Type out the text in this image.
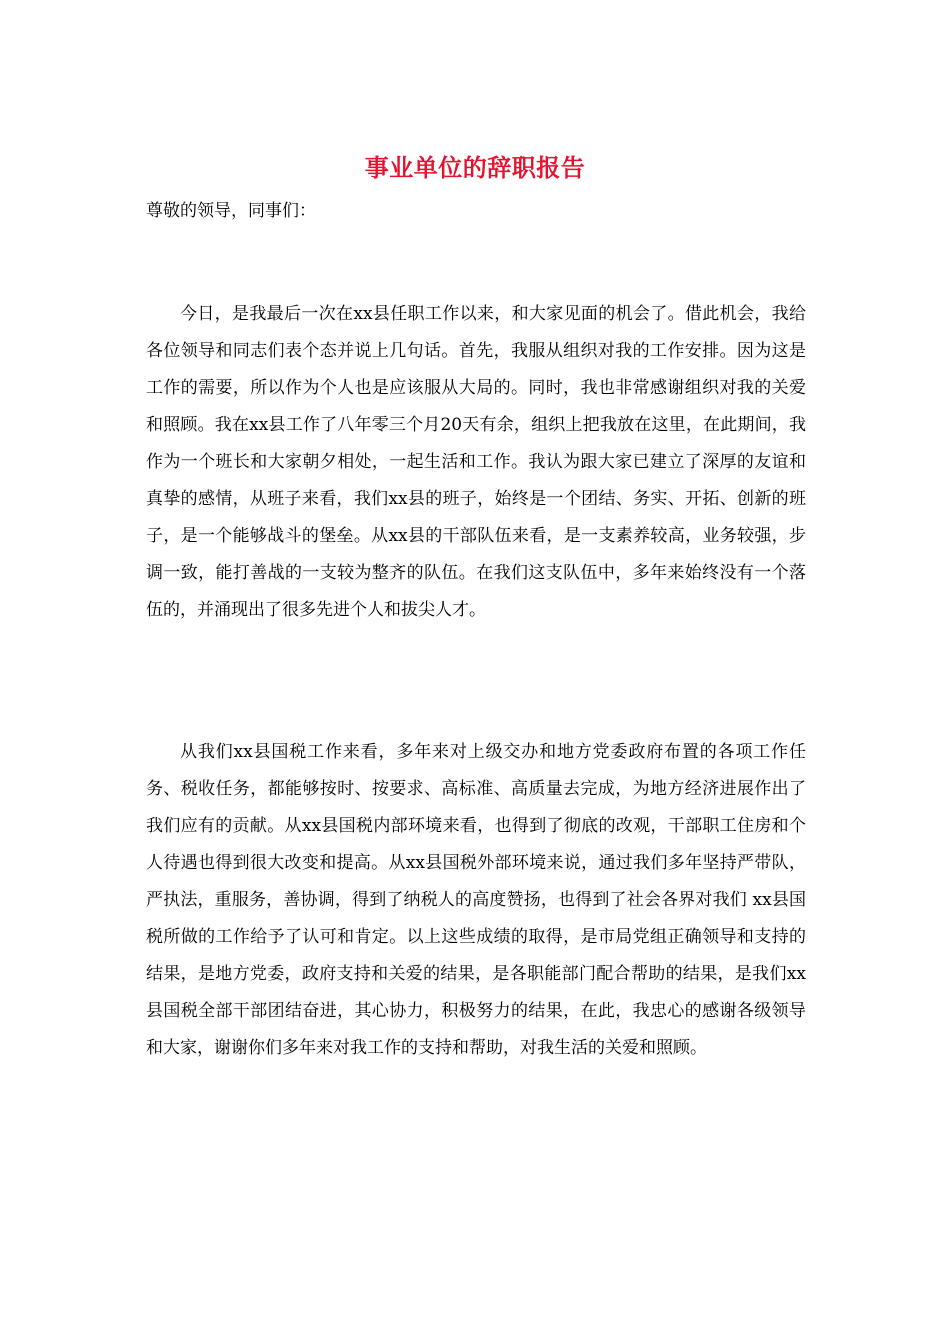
事业单位的辞职报告
尊敬的领导，同事们：

今日，是我最后一次在xx县任职工作以来，和大家见面的机会了。借此机会，我给各位领导和同志们表个态并说上几句话。首先，我服从组织对我的工作安排。因为这是工作的需要，所以作为个人也是应该服从大局的。同时，我也非常感谢组织对我的关爱和照顾。我在xx县工作了八年零三个月20天有余，组织上把我放在这里，在此期间，我作为一个班长和大家朝夕相处，一起生活和工作。我认为跟大家已建立了深厚的友谊和真挚的感情，从班子来看，我们xx县的班子，始终是一个团结、务实、开拓、创新的班子，是一个能够战斗的堡垒。从xx县的干部队伍来看，是一支素养较高，业务较强，步调一致，能打善战的一支较为整齐的队伍。在我们这支队伍中，多年来始终没有一个落伍的，并涌现出了很多先进个人和拔尖人才。

从我们xx县国税工作来看，多年来对上级交办和地方党委政府布置的各项工作任务、税收任务，都能够按时、按要求、高标准、高质量去完成，为地方经济进展作出了我们应有的贡献。从xx县国税内部环境来看，也得到了彻底的改观，干部职工住房和个人待遇也得到很大改变和提高。从xx县国税外部环境来说，通过我们多年坚持严带队，严执法，重服务，善协调，得到了纳税人的高度赞扬，也得到了社会各界对我们 xx县国税所做的工作给予了认可和肯定。以上这些成绩的取得，是市局党组正确领导和支持的结果，是地方党委，政府支持和关爱的结果，是各职能部门配合帮助的结果，是我们xx县国税全部干部团结奋进，其心协力，积极努力的结果，在此，我忠心的感谢各级领导和大家，谢谢你们多年来对我工作的支持和帮助，对我生活的关爱和照顾。
